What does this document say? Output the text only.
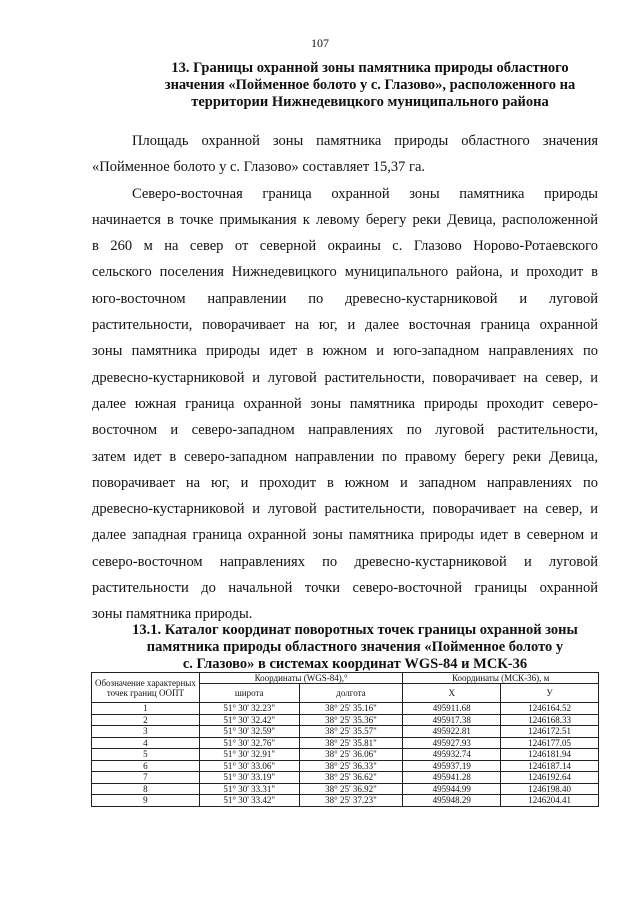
107
13. Границы охранной зоны памятника природы областного
значения «Пойменное болото у с. Глазово», расположенного на
территории Нижнедевицкого муниципального района

Площадь охранной зоны памятника природы областного значения
«Пойменное болото у с. Глазово» составляет 15,37 га.

Северо-восточная граница охранной зоны памятника природы
начинается в точке примыкания к левому берегу реки Девица, расположенной
в 260 м на север от северной окраины с. Глазово Норово-Ротаевского
сельского поселения Нижнедевицкого муниципального района, и проходит в
юго-восточном направлении по древесно-кустарниковой и луговой
растительности, поворачивает на юг, и далее восточная граница охранной
зоны памятника природы идет в южном и юго-западном направлениях по
древесно-кустарниковой и луговой растительности, поворачивает на север, и
далее южная граница охранной зоны памятника природы проходит северо-
восточном и северо-западном направлениях по луговой растительности,
затем идет в северо-западном направлении по правому берегу реки Девица,
поворачивает на юг, и проходит в южном и западном направлениях по
древесно-кустарниковой и луговой растительности, поворачивает на север, и
далее западная граница охранной зоны памятника природы идет в северном и
северо-восточном направлениях по древесно-кустарниковой и луговой
растительности до начальной точки северо-восточной границы охранной
зоны памятника природы.

13.1. Каталог координат поворотных точек границы охранной зоны
памятника природы областного значения «Пойменное болото у
с. Глазово» в системах координат WGS-84 и МСК-36
Обозначение характерных точек границ ООПТ	Координаты (WGS-84),°		Координаты (МСК-36), м	
	широта	долгота	X	У
1	51° 30' 32.23"	38° 25' 35.16"	495911.68	1246164.52
2	51° 30' 32.42"	38° 25' 35.36"	495917.38	1246168.33
3	51° 30' 32.59"	38° 25' 35.57"	495922.81	1246172.51
4	51° 30' 32.76"	38° 25' 35.81"	495927.93	1246177.05
5	51° 30' 32.91"	38° 25' 36.06"	495932.74	1246181.94
6	51° 30' 33.06"	38° 25' 36.33"	495937.19	1246187.14
7	51° 30' 33.19"	38° 25' 36.62"	495941.28	1246192.64
8	51° 30' 33.31"	38° 25' 36.92"	495944.99	1246198.40
9	51° 30' 33.42"	38° 25' 37.23"	495948.29	1246204.41
